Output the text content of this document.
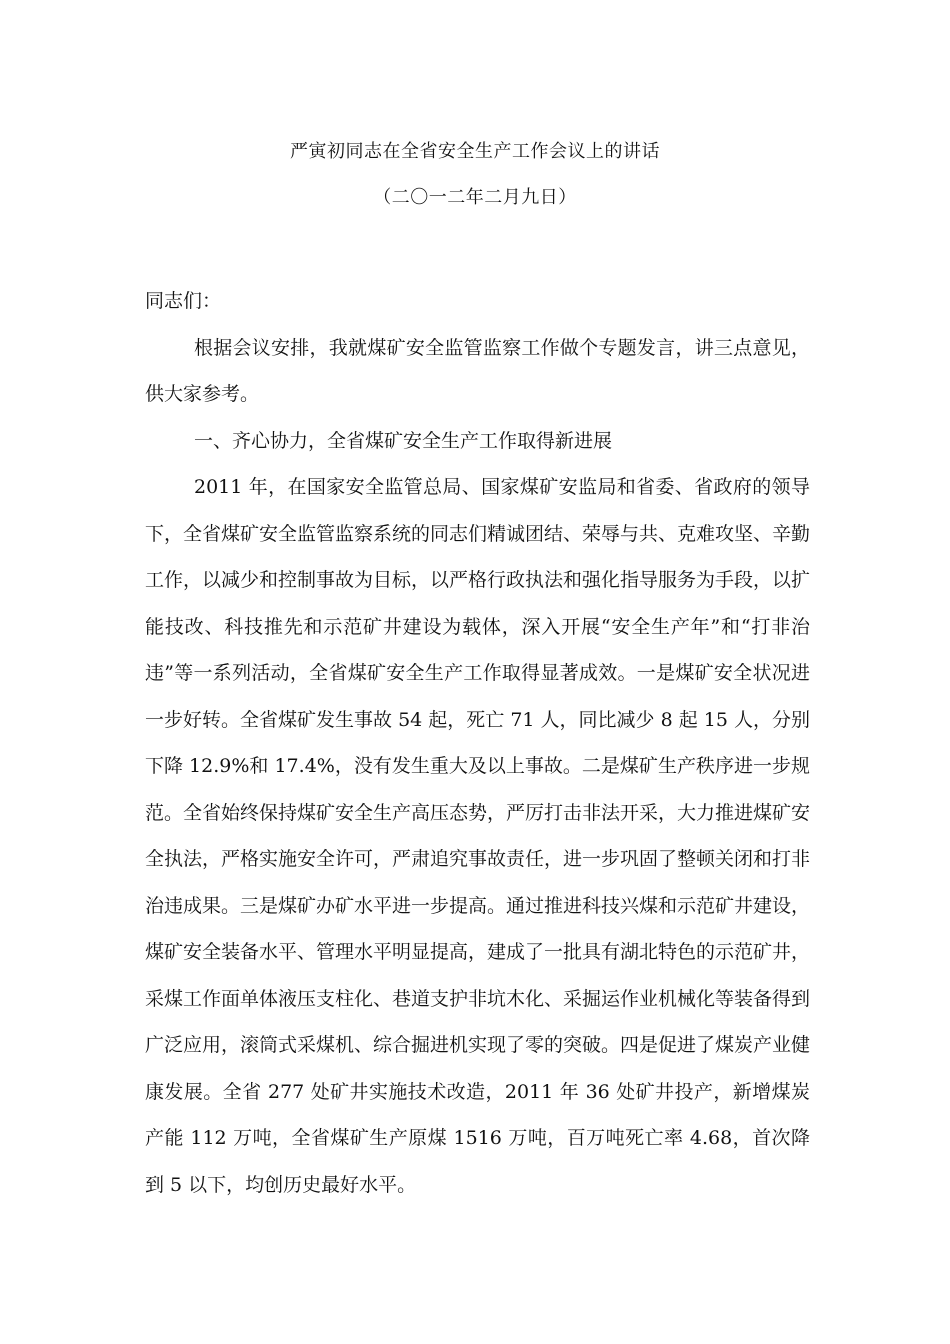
严寅初同志在全省安全生产工作会议上的讲话
（二〇一二年二月九日）

同志们：

根据会议安排，我就煤矿安全监管监察工作做个专题发言，讲三点意见，供大家参考。

一、齐心协力，全省煤矿安全生产工作取得新进展

2011 年，在国家安全监管总局、国家煤矿安监局和省委、省政府的领导下，全省煤矿安全监管监察系统的同志们精诚团结、荣辱与共、克难攻坚、辛勤工作，以减少和控制事故为目标，以严格行政执法和强化指导服务为手段，以扩能技改、科技推先和示范矿井建设为载体，深入开展“安全生产年”和“打非治违”等一系列活动，全省煤矿安全生产工作取得显著成效。一是煤矿安全状况进一步好转。全省煤矿发生事故 54 起，死亡 71 人，同比减少 8 起 15 人，分别下降 12.9%和 17.4%，没有发生重大及以上事故。二是煤矿生产秩序进一步规范。全省始终保持煤矿安全生产高压态势，严厉打击非法开采，大力推进煤矿安全执法，严格实施安全许可，严肃追究事故责任，进一步巩固了整顿关闭和打非治违成果。三是煤矿办矿水平进一步提高。通过推进科技兴煤和示范矿井建设，煤矿安全装备水平、管理水平明显提高，建成了一批具有湖北特色的示范矿井，采煤工作面单体液压支柱化、巷道支护非坑木化、采掘运作业机械化等装备得到广泛应用，滚筒式采煤机、综合掘进机实现了零的突破。四是促进了煤炭产业健康发展。全省 277 处矿井实施技术改造，2011 年 36 处矿井投产，新增煤炭产能 112 万吨，全省煤矿生产原煤 1516 万吨，百万吨死亡率 4.68，首次降到 5 以下，均创历史最好水平。
